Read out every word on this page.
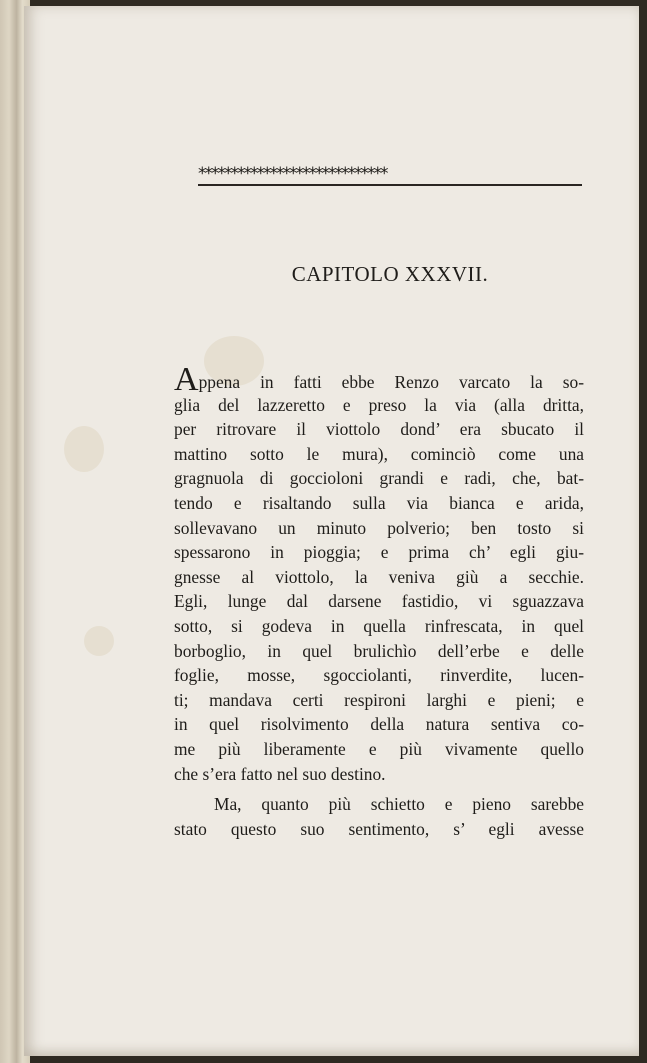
*****************************
CAPITOLO XXXVII.
Appena in fatti ebbe Renzo varcato la so-
glia del lazzeretto e preso la via (alla dritta,
per ritrovare il viottolo dond’ era sbucato il
mattino sotto le mura), cominciò come una
gragnuola di goccioloni grandi e radi, che, bat-
tendo e risaltando sulla via bianca e arida,
sollevavano un minuto polverio; ben tosto si
spessarono in pioggia; e prima ch’ egli giu-
gnesse al viottolo, la veniva giù a secchie.
Egli, lunge dal darsene fastidio, vi sguazzava
sotto, si godeva in quella rinfrescata, in quel
borboglio, in quel brulichìo dell’erbe e delle
foglie, mosse, sgocciolanti, rinverdite, lucen-
ti; mandava certi respironi larghi e pieni; e
in quel risolvimento della natura sentiva co-
me più liberamente e più vivamente quello
che s’era fatto nel suo destino.
Ma, quanto più schietto e pieno sarebbe
stato questo suo sentimento, s’ egli avesse
